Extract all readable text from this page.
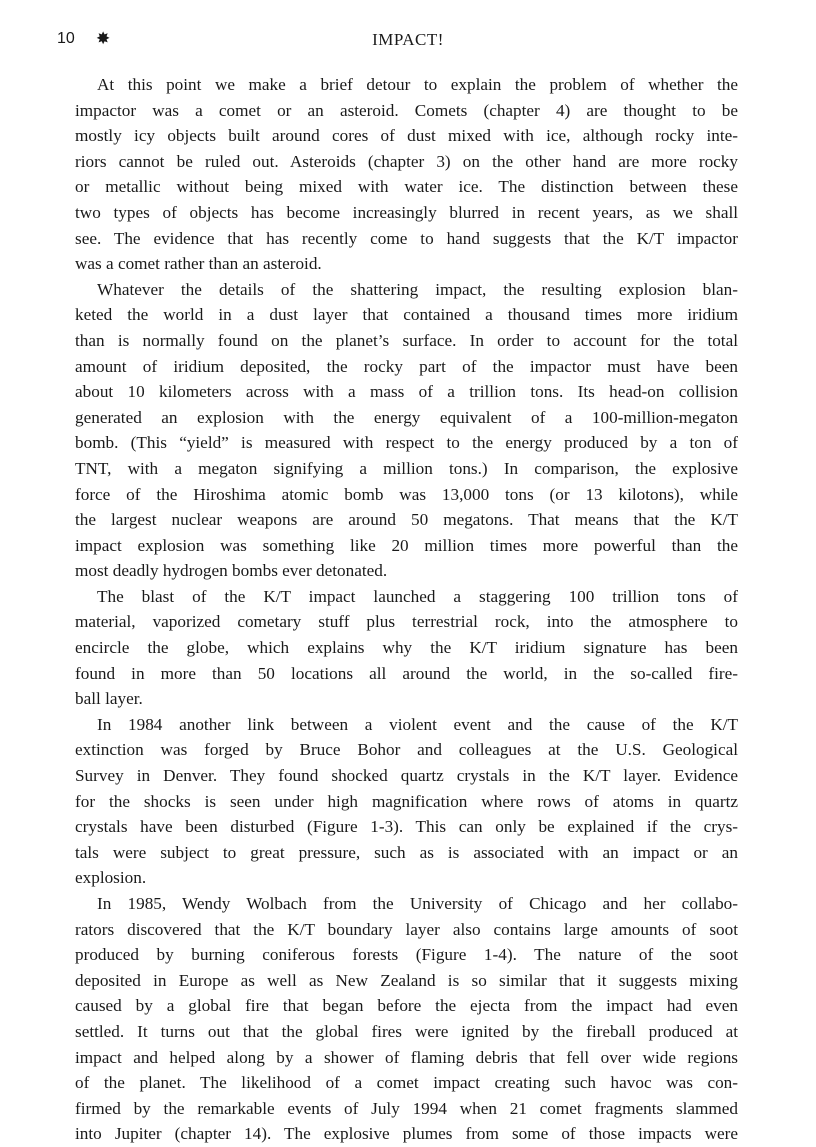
10 ✸	IMPACT!
At this point we make a brief detour to explain the problem of whether the
impactor was a comet or an asteroid. Comets (chapter 4) are thought to be
mostly icy objects built around cores of dust mixed with ice, although rocky inte-
riors cannot be ruled out. Asteroids (chapter 3) on the other hand are more rocky
or metallic without being mixed with water ice. The distinction between these
two types of objects has become increasingly blurred in recent years, as we shall
see. The evidence that has recently come to hand suggests that the K/T impactor
was a comet rather than an asteroid.
Whatever the details of the shattering impact, the resulting explosion blan-
keted the world in a dust layer that contained a thousand times more iridium
than is normally found on the planet’s surface. In order to account for the total
amount of iridium deposited, the rocky part of the impactor must have been
about 10 kilometers across with a mass of a trillion tons. Its head-on collision
generated an explosion with the energy equivalent of a 100-million-megaton
bomb. (This “yield” is measured with respect to the energy produced by a ton of
TNT, with a megaton signifying a million tons.) In comparison, the explosive
force of the Hiroshima atomic bomb was 13,000 tons (or 13 kilotons), while
the largest nuclear weapons are around 50 megatons. That means that the K/T
impact explosion was something like 20 million times more powerful than the
most deadly hydrogen bombs ever detonated.
The blast of the K/T impact launched a staggering 100 trillion tons of
material, vaporized cometary stuff plus terrestrial rock, into the atmosphere to
encircle the globe, which explains why the K/T iridium signature has been
found in more than 50 locations all around the world, in the so-called fire-
ball layer.
In 1984 another link between a violent event and the cause of the K/T
extinction was forged by Bruce Bohor and colleagues at the U.S. Geological
Survey in Denver. They found shocked quartz crystals in the K/T layer. Evidence
for the shocks is seen under high magnification where rows of atoms in quartz
crystals have been disturbed (Figure 1-3). This can only be explained if the crys-
tals were subject to great pressure, such as is associated with an impact or an
explosion.
In 1985, Wendy Wolbach from the University of Chicago and her collabo-
rators discovered that the K/T boundary layer also contains large amounts of soot
produced by burning coniferous forests (Figure 1-4). The nature of the soot
deposited in Europe as well as New Zealand is so similar that it suggests mixing
caused by a global fire that began before the ejecta from the impact had even
settled. It turns out that the global fires were ignited by the fireball produced at
impact and helped along by a shower of flaming debris that fell over wide regions
of the planet. The likelihood of a comet impact creating such havoc was con-
firmed by the remarkable events of July 1994 when 21 comet fragments slammed
into Jupiter (chapter 14). The explosive plumes from some of those impacts were
